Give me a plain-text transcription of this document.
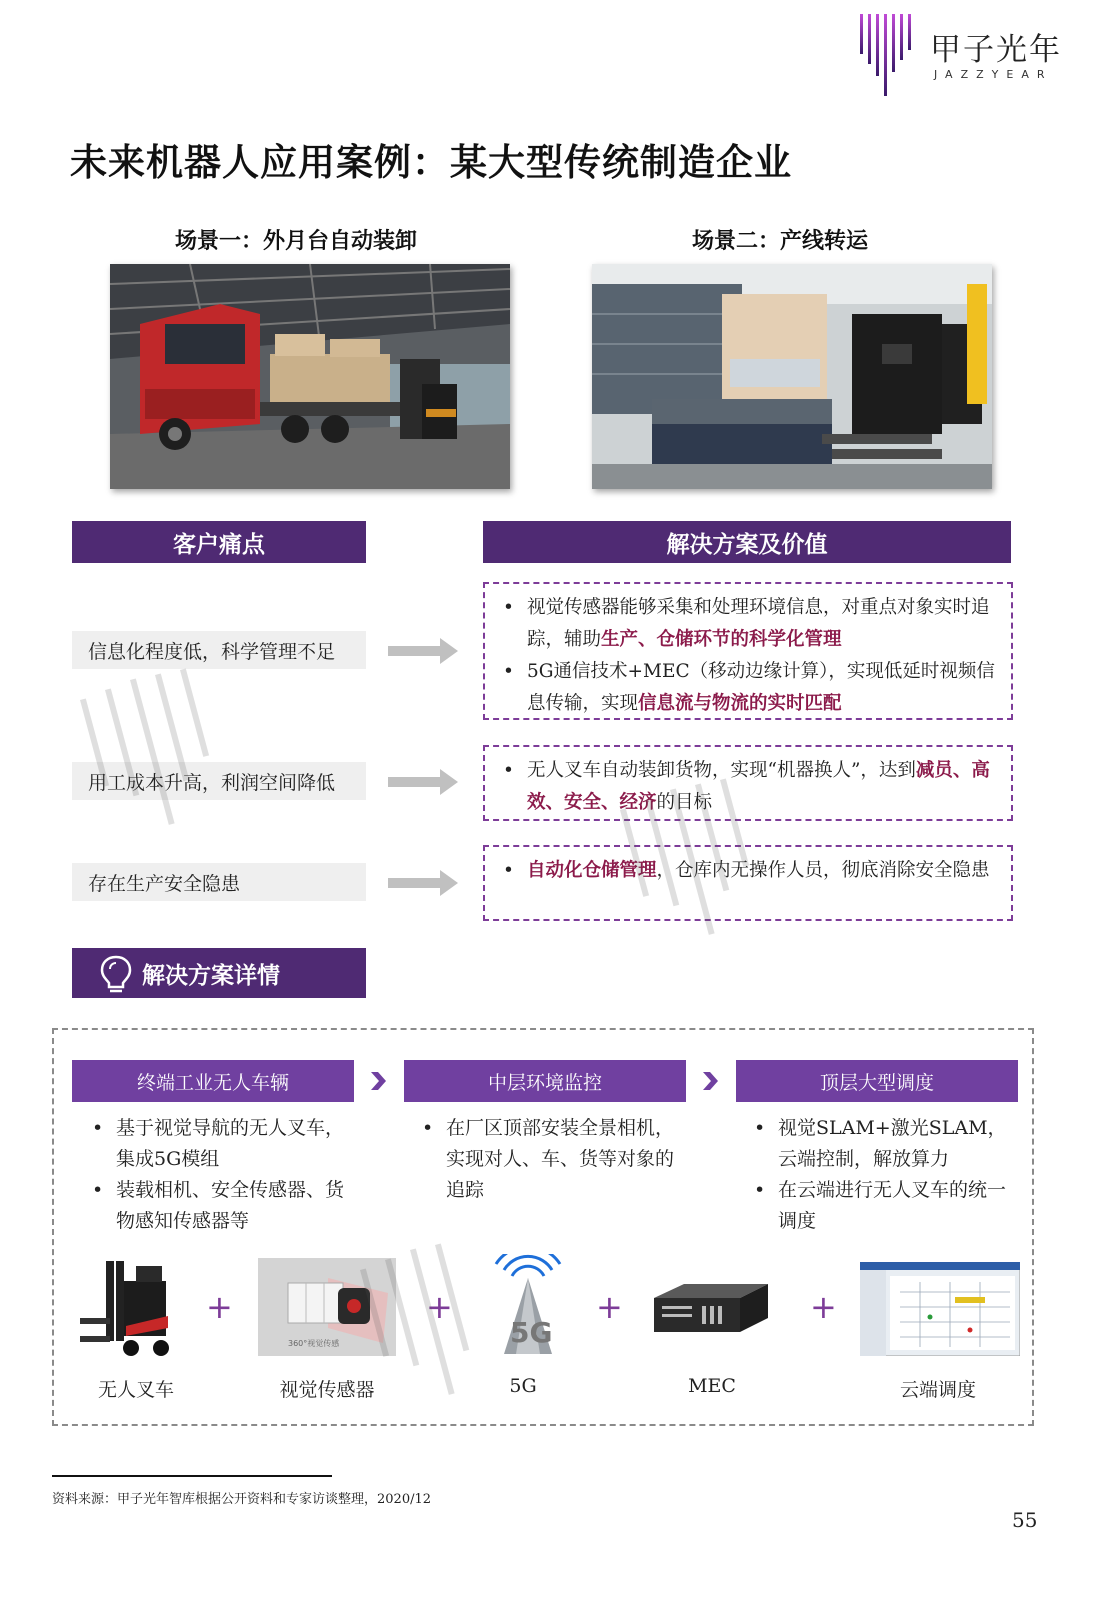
甲子光年
JAZZYEAR
未来机器人应用案例：某大型传统制造企业
场景一：外月台自动装卸	场景二：产线转运
客户痛点	解决方案及价值
信息化程度低，科学管理不足
用工成本升高，利润空间降低
存在生产安全隐患
• 视觉传感器能够采集和处理环境信息，对重点对象实时追踪，辅助生产、仓储环节的科学化管理
• 5G通信技术+MEC（移动边缘计算），实现低延时视频信息传输，实现信息流与物流的实时匹配
• 无人叉车自动装卸货物，实现“机器换人”，达到减员、高效、安全、经济的目标
• 自动化仓储管理，仓库内无操作人员，彻底消除安全隐患
解决方案详情
终端工业无人车辆	中层环境监控	顶层大型调度
• 基于视觉导航的无人叉车，集成5G模组
• 装载相机、安全传感器、货物感知传感器等
• 在厂区顶部安装全景相机，实现对人、车、货等对象的追踪
• 视觉SLAM+激光SLAM，云端控制，解放算力
• 在云端进行无人叉车的统一调度
+
360°视觉传感
+
5G
+	+
无人叉车	视觉传感器	5G	MEC	云端调度
资料来源：甲子光年智库根据公开资料和专家访谈整理，2020/12
55
